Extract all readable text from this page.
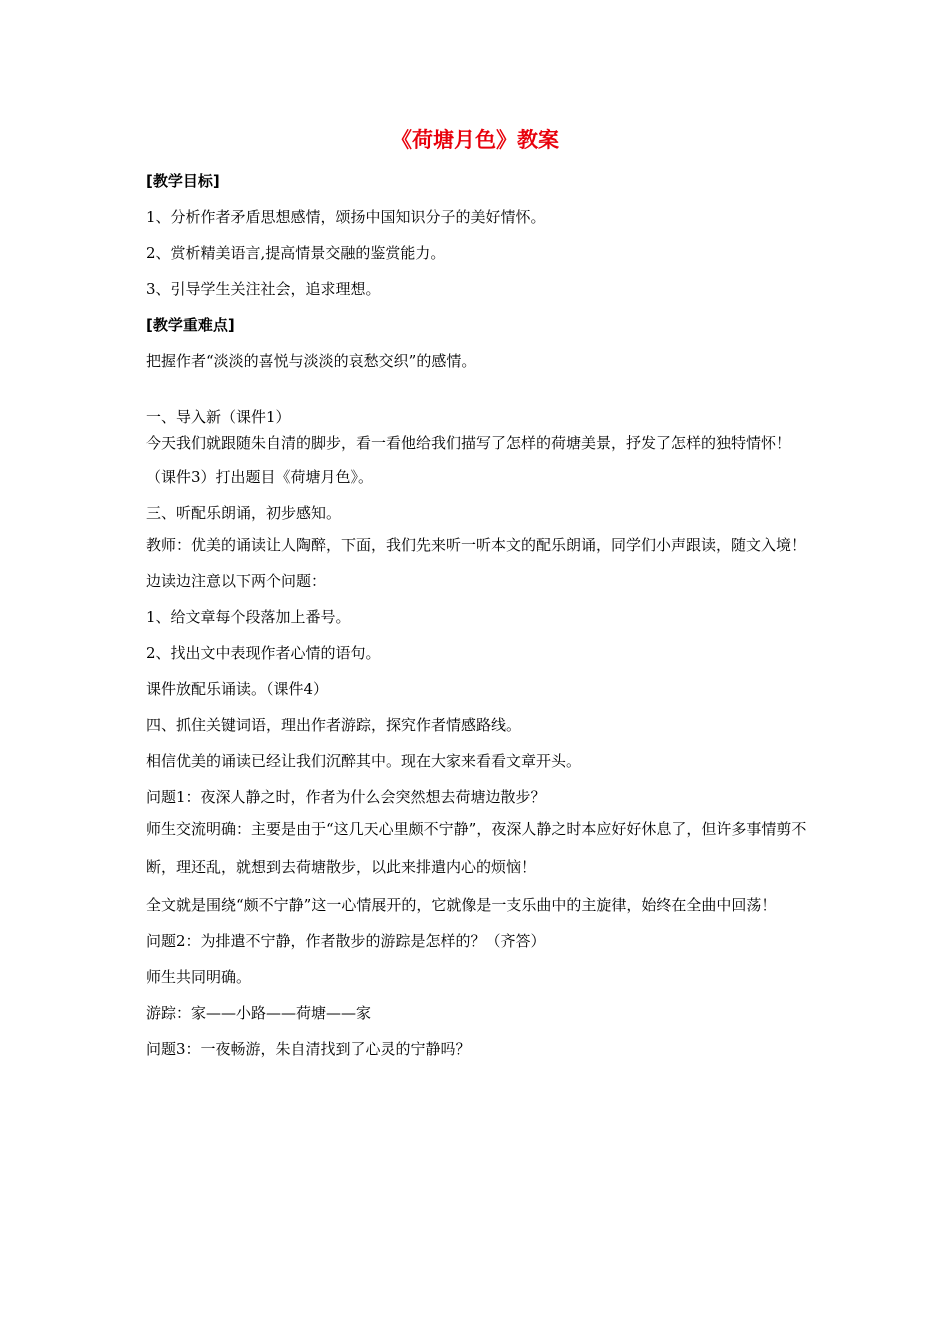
《荷塘月色》教案

[教学目标]

1、分析作者矛盾思想感情，颂扬中国知识分子的美好情怀。

2、赏析精美语言,提高情景交融的鉴赏能力。

3、引导学生关注社会，追求理想。

[教学重难点]

把握作者“淡淡的喜悦与淡淡的哀愁交织”的感情。

一、导入新（课件1）

今天我们就跟随朱自清的脚步，看一看他给我们描写了怎样的荷塘美景，抒发了怎样的独特情怀！

（课件3）打出题目《荷塘月色》。

三、听配乐朗诵，初步感知。

教师：优美的诵读让人陶醉，下面，我们先来听一听本文的配乐朗诵，同学们小声跟读，随文入境！

边读边注意以下两个问题：

1、给文章每个段落加上番号。

2、找出文中表现作者心情的语句。

课件放配乐诵读。（课件4）

四、抓住关键词语，理出作者游踪，探究作者情感路线。

相信优美的诵读已经让我们沉醉其中。现在大家来看看文章开头。

问题1：夜深人静之时，作者为什么会突然想去荷塘边散步？

师生交流明确：主要是由于“这几天心里颇不宁静”，夜深人静之时本应好好休息了，但许多事情剪不断，理还乱，就想到去荷塘散步，以此来排遣内心的烦恼！

全文就是围绕“颇不宁静”这一心情展开的，它就像是一支乐曲中的主旋律，始终在全曲中回荡！

问题2：为排遣不宁静，作者散步的游踪是怎样的？（齐答）

师生共同明确。

游踪：家——小路——荷塘——家

问题3：一夜畅游，朱自清找到了心灵的宁静吗？
